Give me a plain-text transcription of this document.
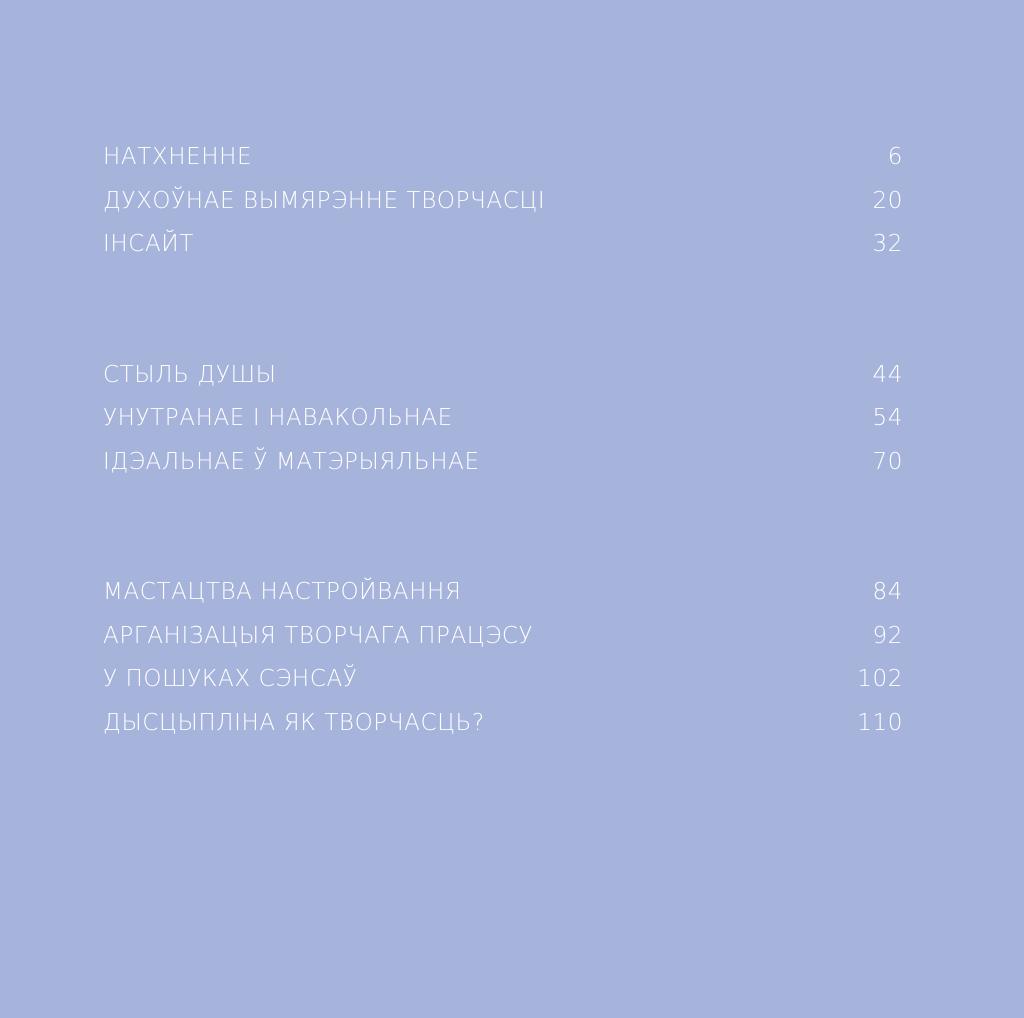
НАТХНЕННЕ	6
ДУХОЎНАЕ ВЫМЯРЭННЕ ТВОРЧАСЦІ	20
ІНСАЙТ	32
СТЫЛЬ ДУШЫ	44
УНУТРАНАЕ І НАВАКОЛЬНАЕ	54
ІДЭАЛЬНАЕ Ў МАТЭРЫЯЛЬНАЕ	70
МАСТАЦТВА НАСТРОЙВАННЯ	84
АРГАНІЗАЦЫЯ ТВОРЧАГА ПРАЦЭСУ	92
У ПОШУКАХ СЭНСАЎ	102
ДЫСЦЫПЛІНА ЯК ТВОРЧАСЦЬ?	110
